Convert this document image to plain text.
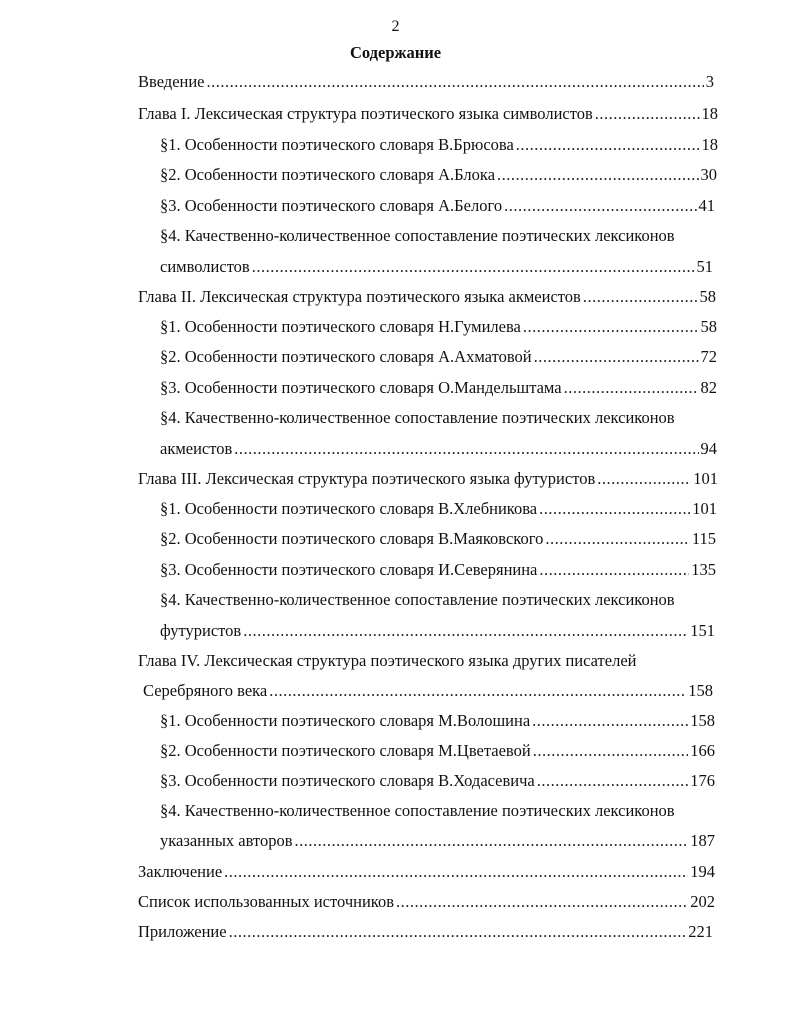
2
Содержание
Введение .....	3
Глава I. Лексическая структура поэтического языка символистов .....	18
§1. Особенности поэтического словаря В.Брюсова .....	18
§2. Особенности поэтического словаря А.Блока .....	30
§3. Особенности поэтического словаря А.Белого .....	41
§4. Качественно-количественное сопоставление поэтических лексиконов
символистов .....	51
Глава II. Лексическая структура поэтического языка акмеистов .....	58
§1. Особенности поэтического словаря Н.Гумилева .....	58
§2. Особенности поэтического словаря А.Ахматовой .....	72
§3. Особенности поэтического словаря О.Мандельштама .....	82
§4. Качественно-количественное сопоставление поэтических лексиконов
акмеистов .....	94
Глава III. Лексическая структура поэтического языка футуристов .....	101
§1. Особенности поэтического словаря В.Хлебникова .....	101
§2. Особенности поэтического словаря В.Маяковского .....	115
§3. Особенности поэтического словаря И.Северянина .....	135
§4. Качественно-количественное сопоставление поэтических лексиконов
футуристов .....	151
Глава IV. Лексическая структура поэтического языка других писателей
Серебряного века .....	158
§1. Особенности поэтического словаря М.Волошина .....	158
§2. Особенности поэтического словаря М.Цветаевой .....	166
§3. Особенности поэтического словаря В.Ходасевича .....	176
§4. Качественно-количественное сопоставление поэтических лексиконов
указанных авторов .....	187
Заключение .....	194
Список использованных источников .....	202
Приложение .....	221
